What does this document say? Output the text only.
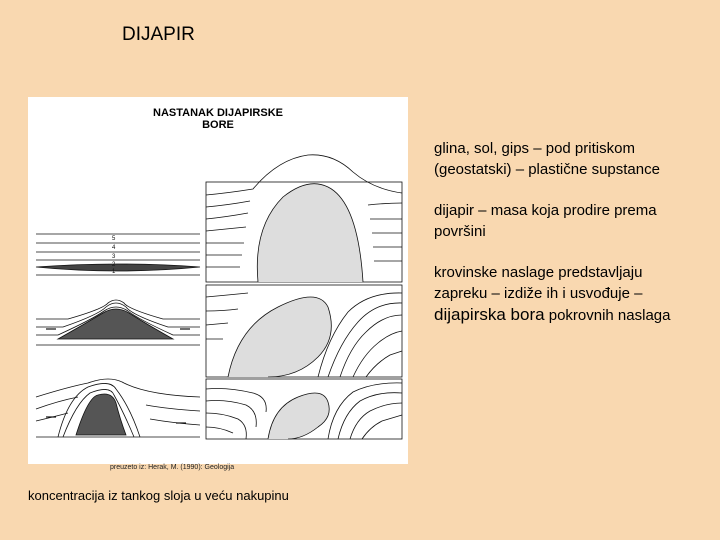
DIJAPIR
NASTANAK DIJAPIRSKE
BORE
5
4
3
2
1
preuzeto iz: Herak, M. (1990): Geologija
koncentracija iz tankog sloja u veću nakupinu

glina, sol, gips – pod pritiskom (geostatski) – plastične supstance

dijapir – masa koja prodire prema površini

krovinske naslage predstavljaju zapreku – izdiže ih i usvođuje – dijapirska bora pokrovnih naslaga
